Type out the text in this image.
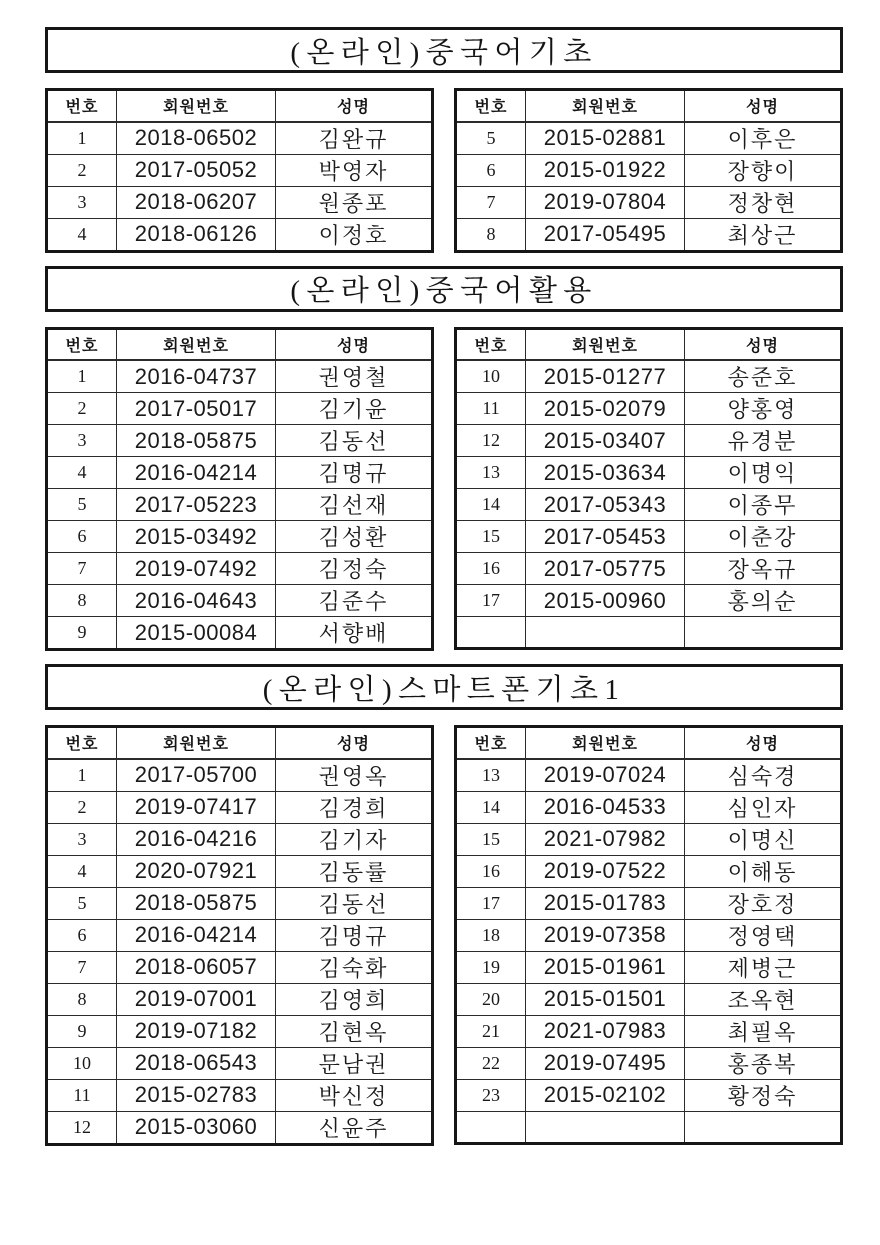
(온라인)중국어기초
번호	회원번호	성명
1	2018-06502	김완규
2	2017-05052	박영자
3	2018-06207	원종포
4	2018-06126	이정호
번호	회원번호	성명
5	2015-02881	이후은
6	2015-01922	장향이
7	2019-07804	정창현
8	2017-05495	최상근
(온라인)중국어활용
번호	회원번호	성명
1	2016-04737	권영철
2	2017-05017	김기윤
3	2018-05875	김동선
4	2016-04214	김명규
5	2017-05223	김선재
6	2015-03492	김성환
7	2019-07492	김정숙
8	2016-04643	김준수
9	2015-00084	서향배
번호	회원번호	성명
10	2015-01277	송준호
11	2015-02079	양홍영
12	2015-03407	유경분
13	2015-03634	이명익
14	2017-05343	이종무
15	2017-05453	이춘강
16	2017-05775	장옥규
17	2015-00960	홍의순

(온라인)스마트폰기초1
번호	회원번호	성명
1	2017-05700	권영옥
2	2019-07417	김경희
3	2016-04216	김기자
4	2020-07921	김동률
5	2018-05875	김동선
6	2016-04214	김명규
7	2018-06057	김숙화
8	2019-07001	김영희
9	2019-07182	김현옥
10	2018-06543	문남권
11	2015-02783	박신정
12	2015-03060	신윤주
번호	회원번호	성명
13	2019-07024	심숙경
14	2016-04533	심인자
15	2021-07982	이명신
16	2019-07522	이해동
17	2015-01783	장호정
18	2019-07358	정영택
19	2015-01961	제병근
20	2015-01501	조옥현
21	2021-07983	최필옥
22	2019-07495	홍종복
23	2015-02102	황정숙
